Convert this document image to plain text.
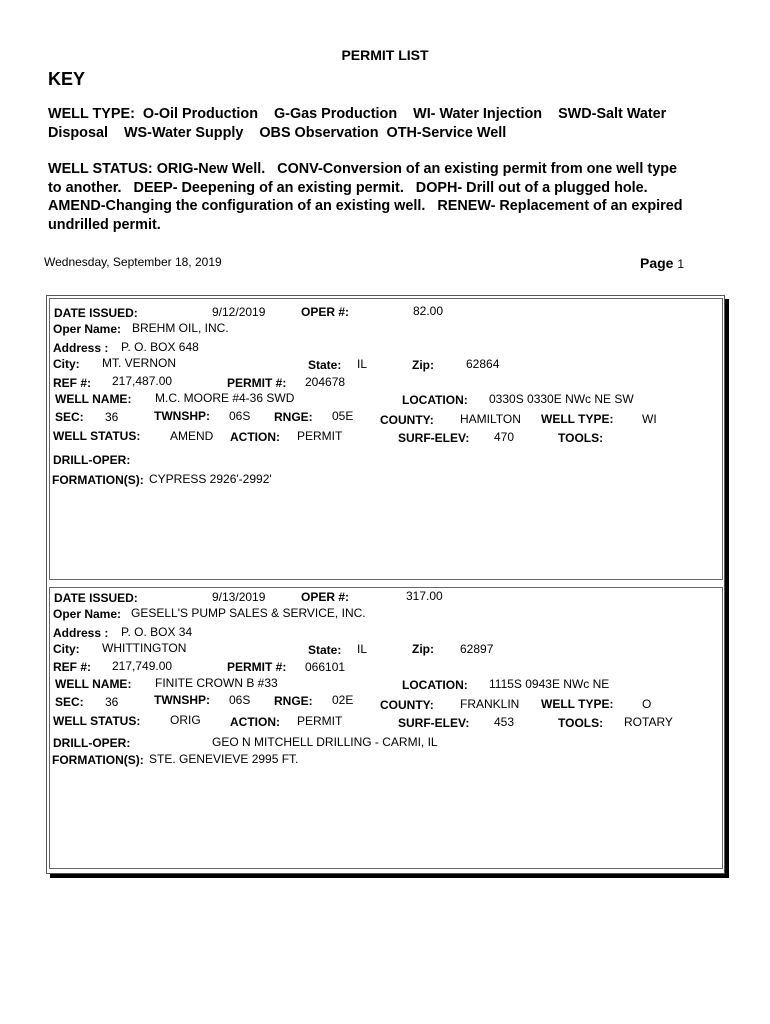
PERMIT LIST
KEY
WELL TYPE:  O-Oil Production    G-Gas Production    WI- Water Injection    SWD-Salt Water
Disposal    WS-Water Supply    OBS Observation  OTH-Service Well
WELL STATUS: ORIG-New Well.   CONV-Conversion of an existing permit from one well type
to another.   DEEP- Deepening of an existing permit.   DOPH- Drill out of a plugged hole.
AMEND-Changing the configuration of an existing well.   RENEW- Replacement of an expired
undrilled permit.
Wednesday, September 18, 2019	Page 1
DATE ISSUED:	9/12/2019	OPER #:	82.00
Oper Name: BREHM OIL, INC.
Address : P. O. BOX 648
City: MT. VERNON	State: IL	Zip:	62864
REF #: 217,487.00	PERMIT #: 204678
WELL NAME: M.C. MOORE #4-36 SWD	LOCATION: 0330S 0330E NWc NE SW
SEC: 36	TWNSHP: 06S RNGE: 05E COUNTY: HAMILTON WELL TYPE: WI
WELL STATUS: AMEND ACTION: PERMIT	SURF-ELEV: 470	TOOLS:
DRILL-OPER:
FORMATION(S): CYPRESS 2926'-2992'
DATE ISSUED:	9/13/2019	OPER #:	317.00
Oper Name: GESELL'S PUMP SALES & SERVICE, INC.
Address : P. O. BOX 34
City: WHITTINGTON	State: IL	Zip: 62897
REF #: 217,749.00	PERMIT #: 066101
WELL NAME: FINITE CROWN B #33	LOCATION: 1115S 0943E NWc NE
SEC: 36	TWNSHP: 06S RNGE: 02E COUNTY: FRANKLIN WELL TYPE: O
WELL STATUS: ORIG ACTION: PERMIT	SURF-ELEV: 453	TOOLS: ROTARY
DRILL-OPER:	GEO N MITCHELL DRILLING - CARMI, IL
FORMATION(S): STE. GENEVIEVE 2995 FT.
